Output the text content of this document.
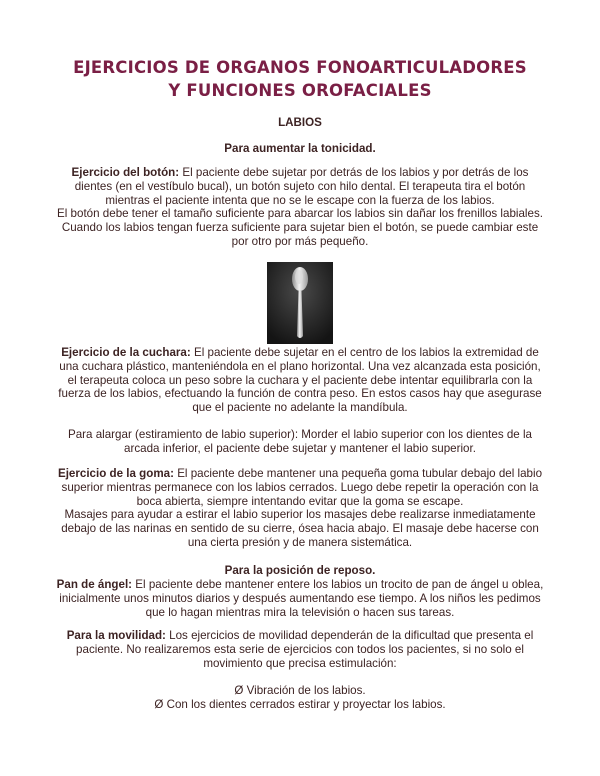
EJERCICIOS DE ORGANOS FONOARTICULADORES
Y FUNCIONES OROFACIALES

LABIOS

Para aumentar la tonicidad.

Ejercicio del botón: El paciente debe sujetar por detrás de los labios y por detrás de los dientes (en el vestíbulo bucal), un botón sujeto con hilo dental. El terapeuta tira el botón mientras el paciente intenta que no se le escape con la fuerza de los labios.

El botón debe tener el tamaño suficiente para abarcar los labios sin dañar los frenillos labiales. Cuando los labios tengan fuerza suficiente para sujetar bien el botón, se puede cambiar este por otro por más pequeño.

Ejercicio de la cuchara: El paciente debe sujetar en el centro de los labios la extremidad de una cuchara plástico, manteniéndola en el plano horizontal. Una vez alcanzada esta posición, el terapeuta coloca un peso sobre la cuchara y el paciente debe intentar equilibrarla con la fuerza de los labios, efectuando la función de contra peso. En estos casos hay que asegurase que el paciente no adelante la mandíbula.

Para alargar (estiramiento de labio superior): Morder el labio superior con los dientes de la arcada inferior, el paciente debe sujetar y mantener el labio superior.

Ejercicio de la goma: El paciente debe mantener una pequeña goma tubular debajo del labio superior mientras permanece con los labios cerrados. Luego debe repetir la operación con la boca abierta, siempre intentando evitar que la goma se escape.

Masajes para ayudar a estirar el labio superior los masajes debe realizarse inmediatamente debajo de las narinas en sentido de su cierre, ósea hacia abajo. El masaje debe hacerse con una cierta presión y de manera sistemática.

Para la posición de reposo.

Pan de ángel: El paciente debe mantener entere los labios un trocito de pan de ángel u oblea, inicialmente unos minutos diarios y después aumentando ese tiempo. A los niños les pedimos que lo hagan mientras mira la televisión o hacen sus tareas.

Para la movilidad: Los ejercicios de movilidad dependerán de la dificultad que presenta el paciente. No realizaremos esta serie de ejercicios con todos los pacientes, si no solo el movimiento que precisa estimulación:

Ø Vibración de los labios.

Ø Con los dientes cerrados estirar y proyectar los labios.
